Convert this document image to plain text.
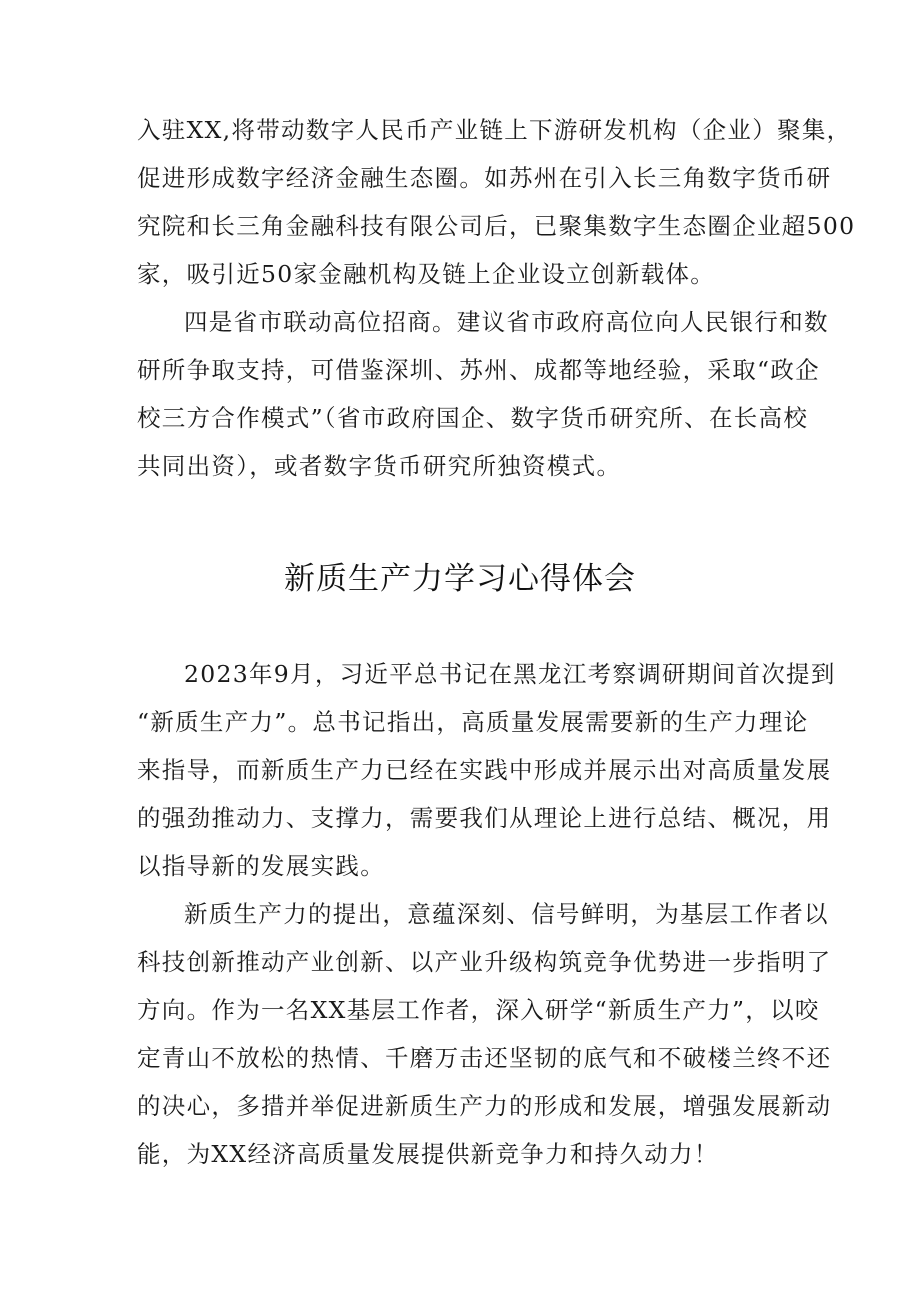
入驻XX,将带动数字人民币产业链上下游研发机构（企业）聚集，
促进形成数字经济金融生态圈。如苏州在引入长三角数字货币研
究院和长三角金融科技有限公司后，已聚集数字生态圈企业超500
家，吸引近50家金融机构及链上企业设立创新载体。
四是省市联动高位招商。建议省市政府高位向人民银行和数
研所争取支持，可借鉴深圳、苏州、成都等地经验，采取“政企
校三方合作模式”（省市政府国企、数字货币研究所、在长高校
共同出资），或者数字货币研究所独资模式。
新质生产力学习心得体会
2023年9月，习近平总书记在黑龙江考察调研期间首次提到
“新质生产力”。总书记指出，高质量发展需要新的生产力理论
来指导，而新质生产力已经在实践中形成并展示出对高质量发展
的强劲推动力、支撑力，需要我们从理论上进行总结、概况，用
以指导新的发展实践。
新质生产力的提出，意蕴深刻、信号鲜明，为基层工作者以
科技创新推动产业创新、以产业升级构筑竞争优势进一步指明了
方向。作为一名XX基层工作者，深入研学“新质生产力”，以咬
定青山不放松的热情、千磨万击还坚韧的底气和不破楼兰终不还
的决心，多措并举促进新质生产力的形成和发展，增强发展新动
能，为XX经济高质量发展提供新竞争力和持久动力！
